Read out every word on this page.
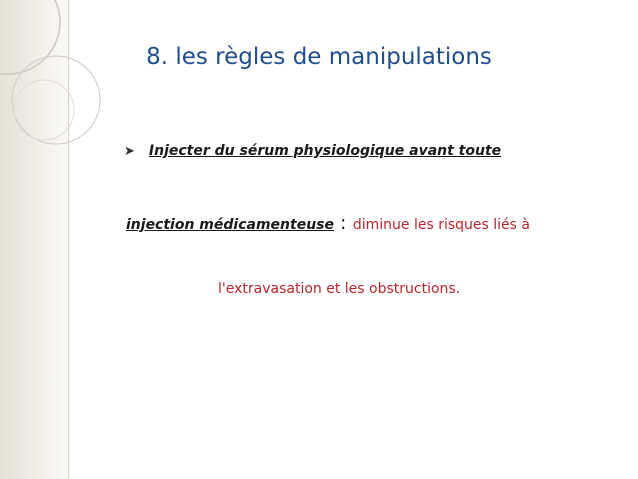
8. les règles de manipulations
➤ Injecter du sérum physiologique avant toute
injection médicamenteuse : diminue les risques liés à
l'extravasation et les obstructions.
